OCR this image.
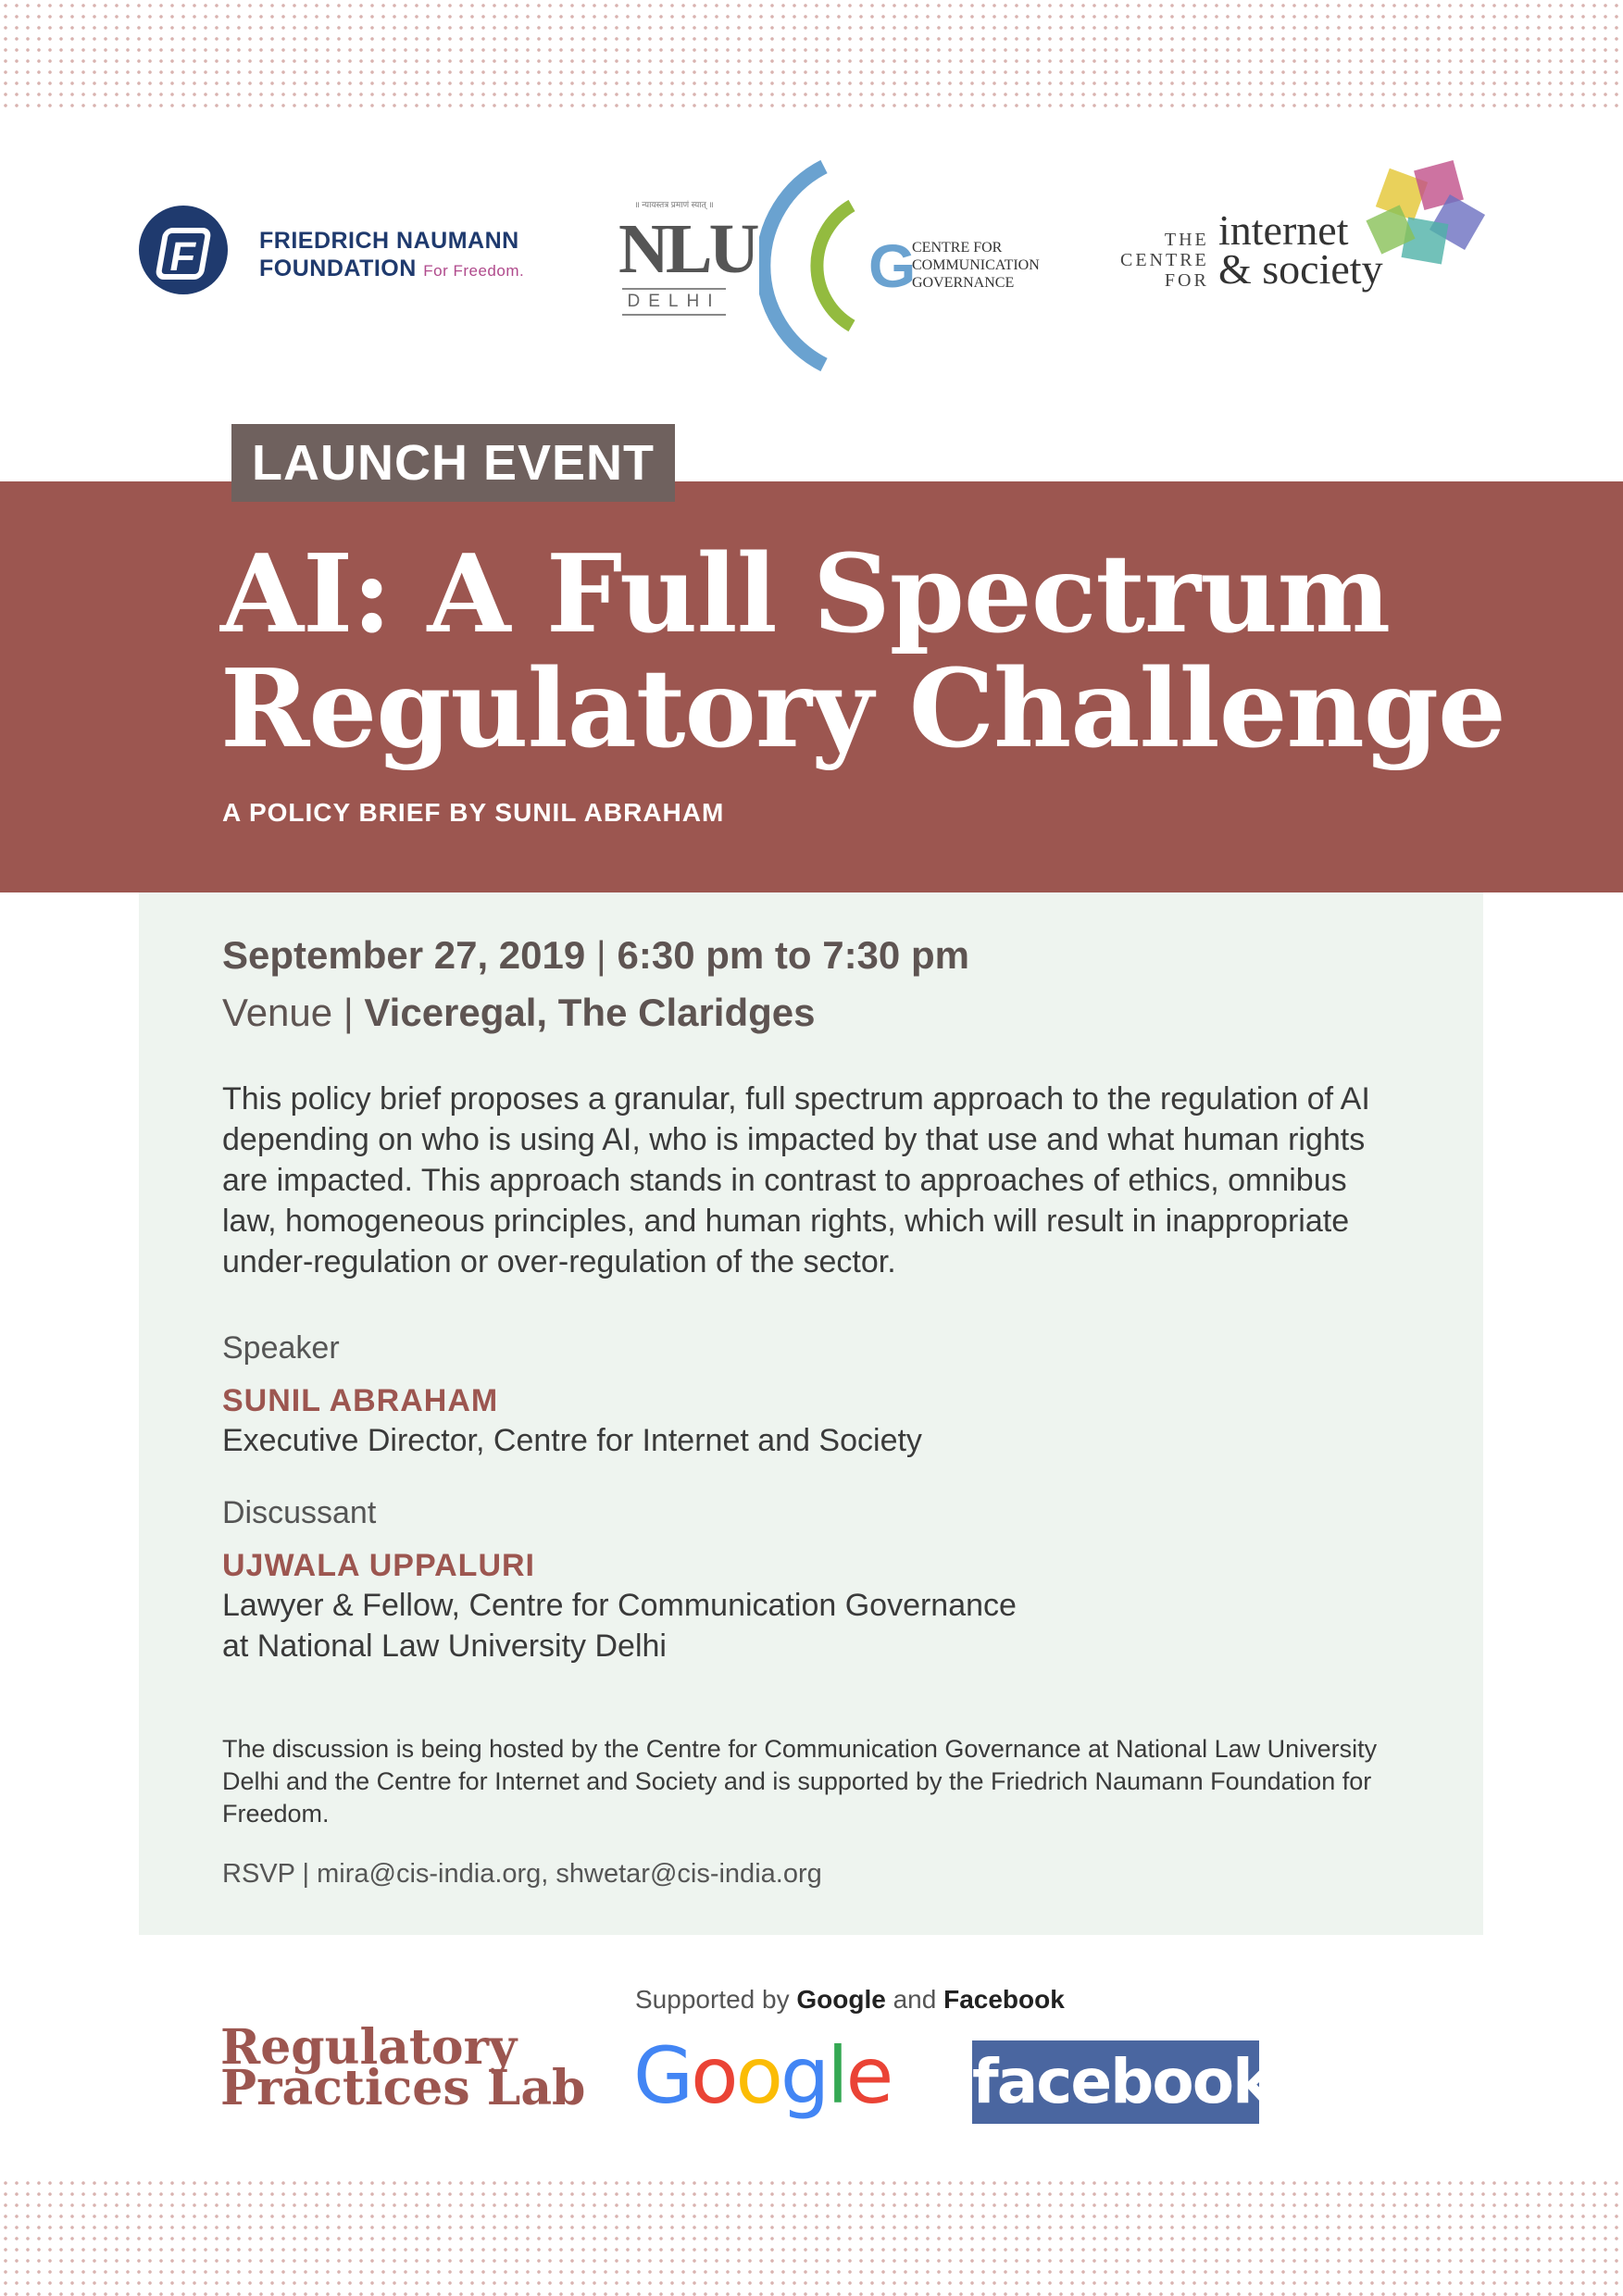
F	FRIEDRICH NAUMANN
FOUNDATION For Freedom.
॥ न्यायस्तत्र प्रमाणं स्यात् ॥
NLU
DELHI
G
CENTRE FOR
COMMUNICATION
GOVERNANCE
THE
CENTRE
FOR
internet
& society
LAUNCH EVENT
AI: A Full Spectrum
Regulatory Challenge
A POLICY BRIEF BY SUNIL ABRAHAM
September 27, 2019 | 6:30 pm to 7:30 pm
Venue | Viceregal, The Claridges
This policy brief proposes a granular, full spectrum approach to the regulation of AI depending on who is using AI, who is impacted by that use and what human rights are impacted. This approach stands in contrast to approaches of ethics, omnibus law, homogeneous principles, and human rights, which will result in inappropriate under-regulation or over-regulation of the sector.
Speaker
SUNIL ABRAHAM
Executive Director, Centre for Internet and Society
Discussant
UJWALA UPPALURI
Lawyer & Fellow, Centre for Communication Governance
at National Law University Delhi
The discussion is being hosted by the Centre for Communication Governance at National Law University Delhi and the Centre for Internet and Society and is supported by the Friedrich Naumann Foundation for Freedom.
RSVP | mira@cis-india.org, shwetar@cis-india.org
Supported by Google and Facebook
Regulatory
Practices Lab Google facebook
